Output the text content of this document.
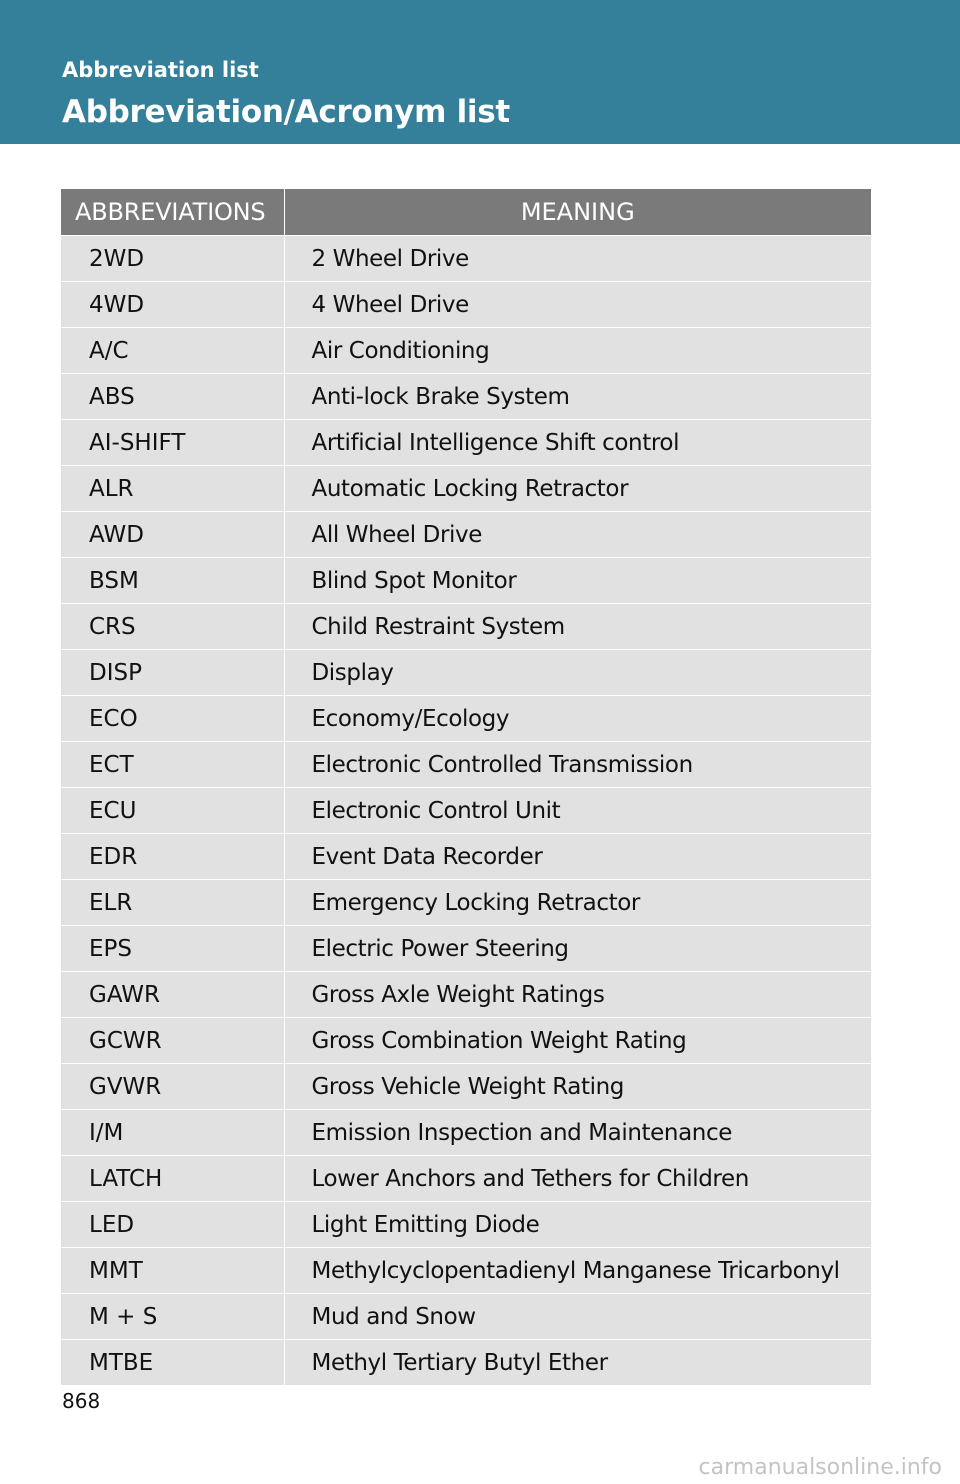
Abbreviation list
Abbreviation/Acronym list
ABBREVIATIONS	MEANING
2WD	2 Wheel Drive
4WD	4 Wheel Drive
A/C	Air Conditioning
ABS	Anti-lock Brake System
AI-SHIFT	Artificial Intelligence Shift control
ALR	Automatic Locking Retractor
AWD	All Wheel Drive
BSM	Blind Spot Monitor
CRS	Child Restraint System
DISP	Display
ECO	Economy/Ecology
ECT	Electronic Controlled Transmission
ECU	Electronic Control Unit
EDR	Event Data Recorder
ELR	Emergency Locking Retractor
EPS	Electric Power Steering
GAWR	Gross Axle Weight Ratings
GCWR	Gross Combination Weight Rating
GVWR	Gross Vehicle Weight Rating
I/M	Emission Inspection and Maintenance
LATCH	Lower Anchors and Tethers for Children
LED	Light Emitting Diode
MMT	Methylcyclopentadienyl Manganese Tricarbonyl
M + S	Mud and Snow
MTBE	Methyl Tertiary Butyl Ether
868
carmanualsonline.info
